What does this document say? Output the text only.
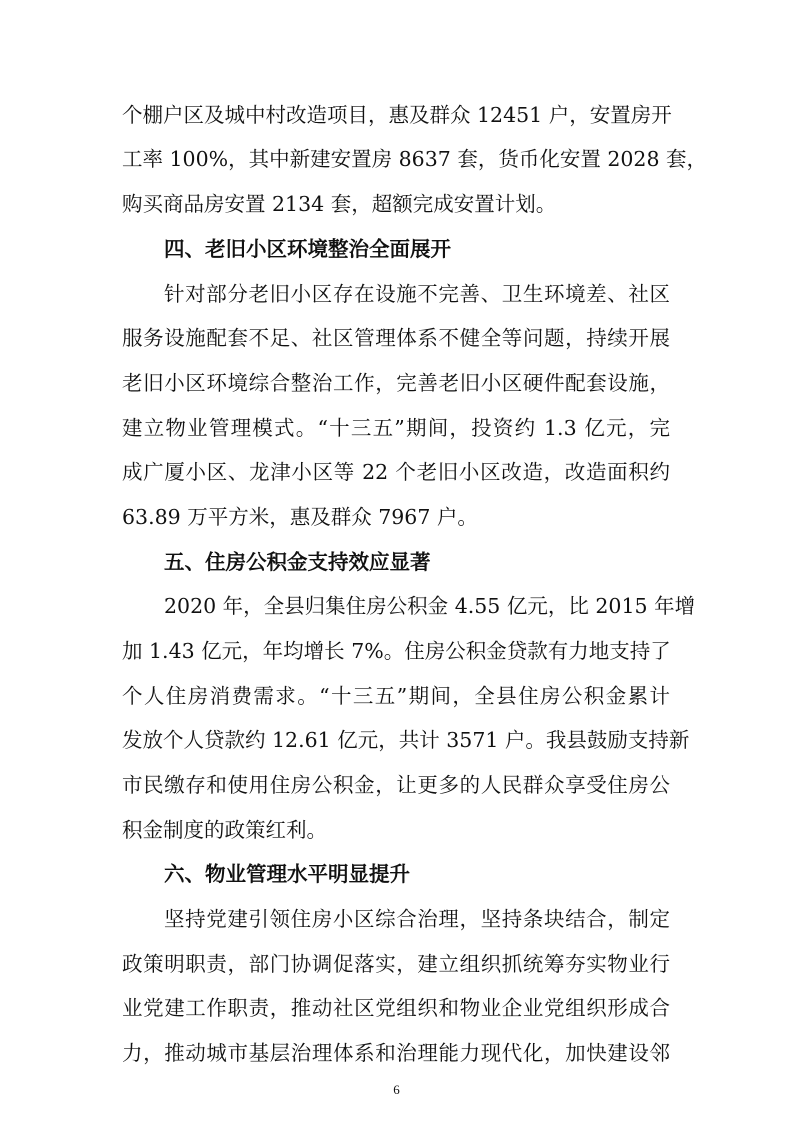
个棚户区及城中村改造项目，惠及群众 12451 户，安置房开
工率 100%，其中新建安置房 8637 套，货币化安置 2028 套，
购买商品房安置 2134 套，超额完成安置计划。
四、老旧小区环境整治全面展开
针对部分老旧小区存在设施不完善、卫生环境差、社区
服务设施配套不足、社区管理体系不健全等问题，持续开展
老旧小区环境综合整治工作，完善老旧小区硬件配套设施，
建立物业管理模式。“十三五”期间，投资约 1.3 亿元，完
成广厦小区、龙津小区等 22 个老旧小区改造，改造面积约
63.89 万平方米，惠及群众 7967 户。
五、住房公积金支持效应显著
2020 年，全县归集住房公积金 4.55 亿元，比 2015 年增
加 1.43 亿元，年均增长 7%。住房公积金贷款有力地支持了
个人住房消费需求。“十三五”期间，全县住房公积金累计
发放个人贷款约 12.61 亿元，共计 3571 户。我县鼓励支持新
市民缴存和使用住房公积金，让更多的人民群众享受住房公
积金制度的政策红利。
六、物业管理水平明显提升
坚持党建引领住房小区综合治理，坚持条块结合，制定
政策明职责，部门协调促落实，建立组织抓统筹夯实物业行
业党建工作职责，推动社区党组织和物业企业党组织形成合
6
力，推动城市基层治理体系和治理能力现代化，加快建设邻
